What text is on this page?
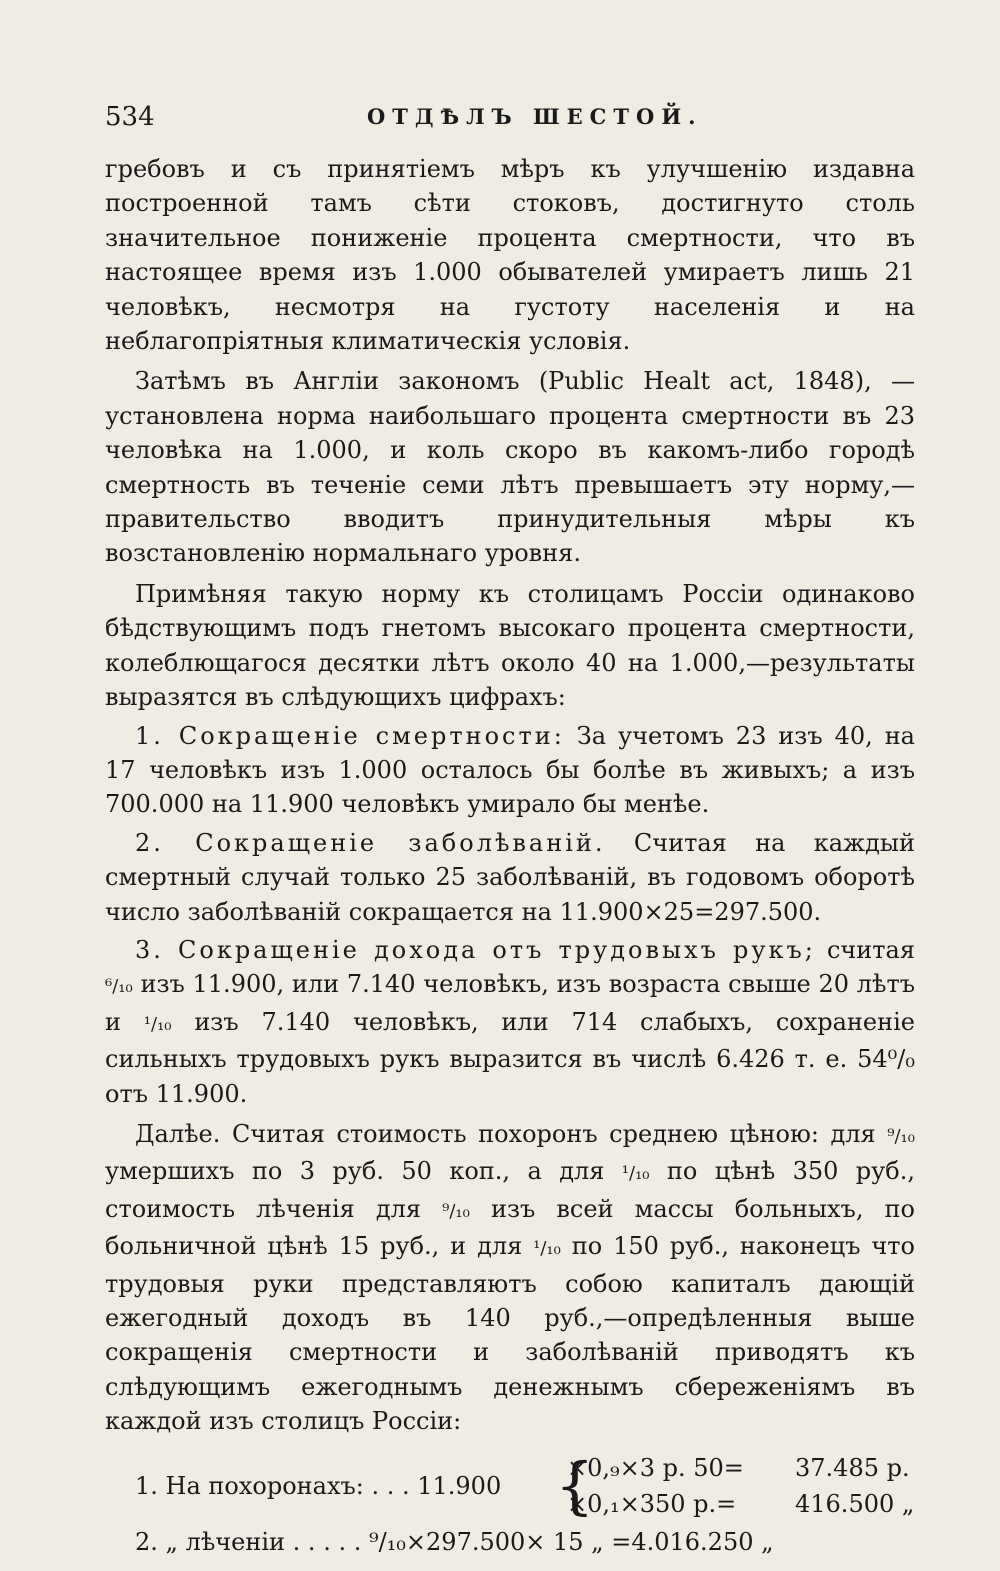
534	ОТДѢЛЪ ШЕСТОЙ.

гребовъ и съ принятіемъ мѣръ къ улучшенію издавна построенной тамъ сѣти стоковъ, достигнуто столь значительное пониженіе процента смертности, что въ настоящее время изъ 1.000 обывателей умираетъ лишь 21 человѣкъ, несмотря на густоту населенія и на неблагопріятныя климатическія условія.

Затѣмъ въ Англіи закономъ (Public Healt act, 1848), — установлена норма наибольшаго процента смертности въ 23 человѣка на 1.000, и коль скоро въ какомъ-либо городѣ смертность въ теченіе семи лѣтъ превышаетъ эту норму,— правительство вводитъ принудительныя мѣры къ возстановленію нормальнаго уровня.

Примѣняя такую норму къ столицамъ Россіи одинаково бѣдствующимъ подъ гнетомъ высокаго процента смертности, колеблющагося десятки лѣтъ около 40 на 1.000,—результаты выразятся въ слѣдующихъ цифрахъ:

1. Сокращеніе смертности: За учетомъ 23 изъ 40, на 17 человѣкъ изъ 1.000 осталось бы болѣе въ живыхъ; а изъ 700.000 на 11.900 человѣкъ умирало бы менѣе.

2. Сокращеніе заболѣваній. Считая на каждый смертный случай только 25 заболѣваній, въ годовомъ оборотѣ число заболѣваній сокращается на 11.900×25=297.500.

3. Сокращеніе дохода отъ трудовыхъ рукъ; считая ⁶/₁₀ изъ 11.900, или 7.140 человѣкъ, изъ возраста свыше 20 лѣтъ и ¹/₁₀ изъ 7.140 человѣкъ, или 714 слабыхъ, сохраненіе сильныхъ трудовыхъ рукъ выразится въ числѣ 6.426 т. е. 54⁰/₀ отъ 11.900.

Далѣе. Считая стоимость похоронъ среднею цѣною: для ⁹/₁₀ умершихъ по 3 руб. 50 коп., а для ¹/₁₀ по цѣнѣ 350 руб., стоимость лѣченія для ⁹/₁₀ изъ всей массы больныхъ, по больничной цѣнѣ 15 руб., и для ¹/₁₀ по 150 руб., наконецъ что трудовыя руки представляютъ собою капиталъ дающій ежегодный доходъ въ 140 руб.,—опредѣленныя выше сокращенія смертности и заболѣваній приводятъ къ слѣдующимъ ежегоднымъ денежнымъ сбереженіямъ въ каждой изъ столицъ Россіи:

1. На похоронахъ: . . . 11.900 {
×0,₉×3 р. 50= 37.485 р.
×0,₁×350 р.= 416.500 „
2. „ лѣченіи . . . . . ⁹/₁₀×297.500× 15 „ =4.016.250 „
